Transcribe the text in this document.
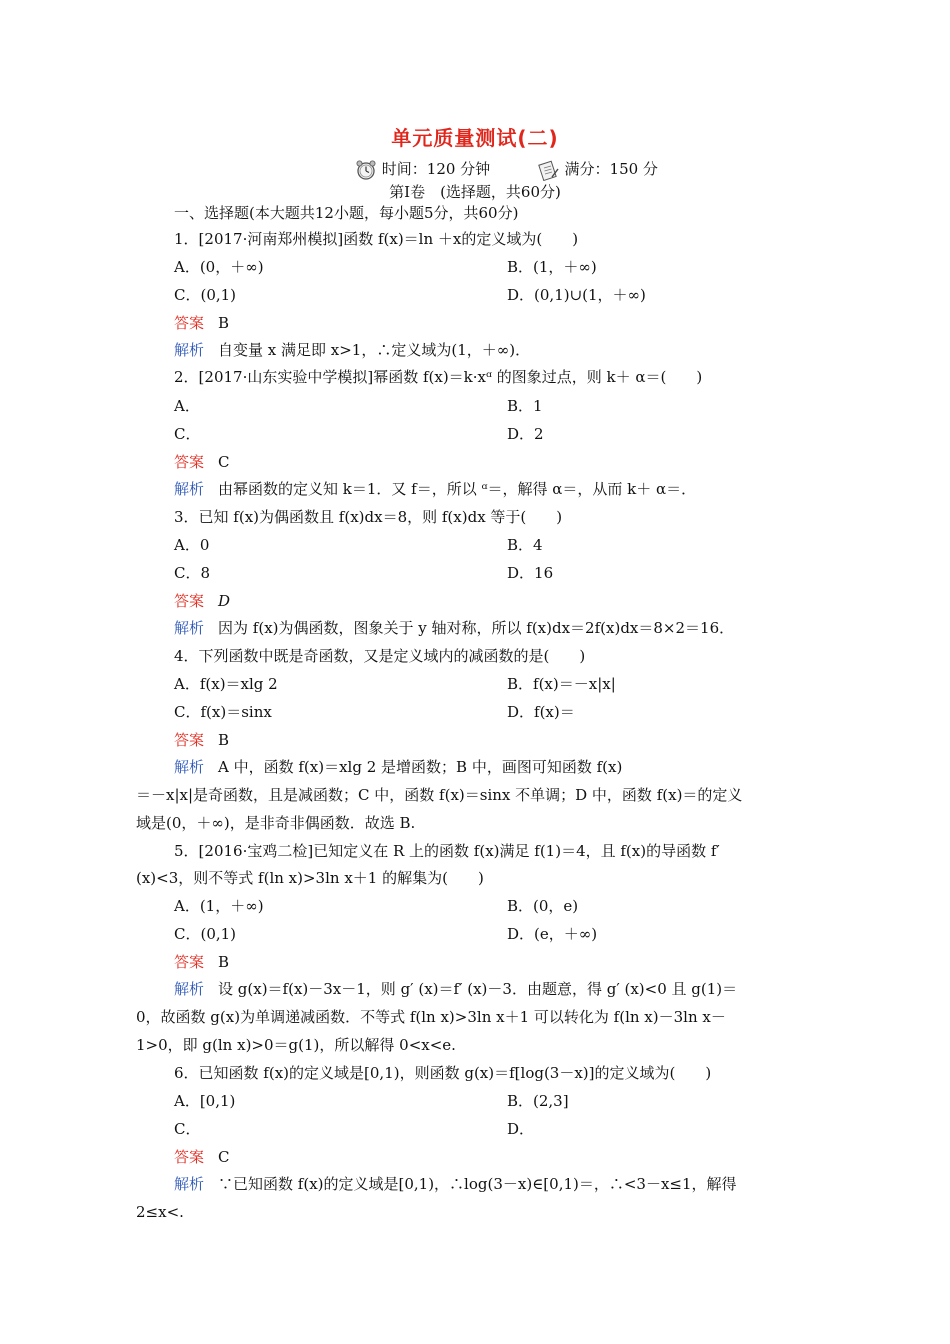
单元质量测试(二)
时间：120 分钟	满分：150 分
第Ⅰ卷　(选择题，共60分)
一、选择题(本大题共12小题，每小题5分，共60分)
1．[2017·河南郑州模拟]函数 f(x)＝ln ＋x的定义域为(　　)
A．(0，＋∞)	B．(1，＋∞)
C．(0,1)	D．(0,1)∪(1，＋∞)
答案 B
解析 自变量 x 满足即 x>1，∴定义域为(1，＋∞)．
2．[2017·山东实验中学模拟]幂函数 f(x)＝k·xᵅ 的图象过点，则 k＋ α＝(　　)
A．	B．1
C．	D．2
答案 C
解析 由幂函数的定义知 k＝1．又 f＝，所以 ᵅ＝，解得 α＝，从而 k＋ α＝．
3．已知 f(x)为偶函数且 f(x)dx＝8，则 f(x)dx 等于(　　)
A．0	B．4
C．8	D．16
答案 D
解析 因为 f(x)为偶函数，图象关于 y 轴对称，所以 f(x)dx＝2f(x)dx＝8×2＝16．
4．下列函数中既是奇函数，又是定义域内的减函数的是(　　)
A．f(x)＝xlg 2	B．f(x)＝－x|x|
C．f(x)＝sinx	D．f(x)＝
答案 B
解析 A 中，函数 f(x)＝xlg 2 是增函数；B 中，画图可知函数 f(x)
＝－x|x|是奇函数，且是减函数；C 中，函数 f(x)＝sinx 不单调；D 中，函数 f(x)＝的定义
域是(0，＋∞)，是非奇非偶函数．故选 B.
5．[2016·宝鸡二检]已知定义在 R 上的函数 f(x)满足 f(1)＝4，且 f(x)的导函数 f′
(x)<3，则不等式 f(ln x)>3ln x＋1 的解集为(　　)
A．(1，＋∞)	B．(0，e)
C．(0,1)	D．(e，＋∞)
答案 B
解析 设 g(x)＝f(x)－3x－1，则 g′ (x)＝f′ (x)－3．由题意，得 g′ (x)<0 且 g(1)＝
0，故函数 g(x)为单调递减函数．不等式 f(ln x)>3ln x＋1 可以转化为 f(ln x)－3ln x－
1>0，即 g(ln x)>0＝g(1)，所以解得 0<x<e.
6．已知函数 f(x)的定义域是[0,1)，则函数 g(x)＝f[log(3－x)]的定义域为(　　)
A．[0,1)	B．(2,3]
C．	D．
答案 C
解析 ∵已知函数 f(x)的定义域是[0,1)，∴log(3－x)∈[0,1)＝，∴<3－x≤1，解得
2≤x<.
